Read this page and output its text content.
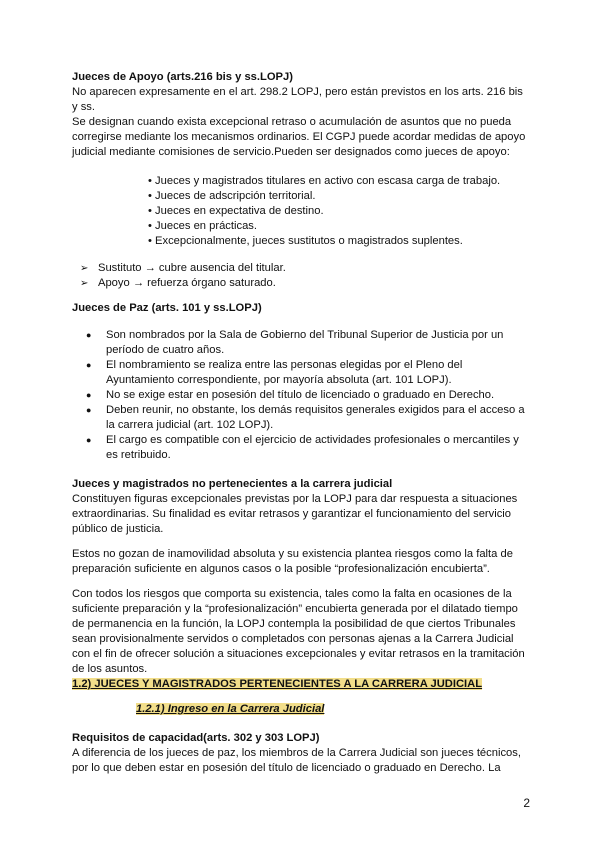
Jueces de Apoyo (arts.216 bis y ss.LOPJ)

No aparecen expresamente en el art. 298.2 LOPJ, pero están previstos en los arts. 216 bis y ss.

Se designan cuando exista excepcional retraso o acumulación de asuntos que no pueda corregirse mediante los mecanismos ordinarios. El CGPJ puede acordar medidas de apoyo judicial mediante comisiones de servicio.Pueden ser designados como jueces de apoyo:

• Jueces y magistrados titulares en activo con escasa carga de trabajo.
• Jueces de adscripción territorial.
• Jueces en expectativa de destino.
• Jueces en prácticas.
• Excepcionalmente, jueces sustitutos o magistrados suplentes.
➢ Sustituto → cubre ausencia del titular.
➢ Apoyo → refuerza órgano saturado.

Jueces de Paz (arts. 101 y ss.LOPJ)

● Son nombrados por la Sala de Gobierno del Tribunal Superior de Justicia por un período de cuatro años.
● El nombramiento se realiza entre las personas elegidas por el Pleno del Ayuntamiento correspondiente, por mayoría absoluta (art. 101 LOPJ).
● No se exige estar en posesión del título de licenciado o graduado en Derecho.
● Deben reunir, no obstante, los demás requisitos generales exigidos para el acceso a la carrera judicial (art. 102 LOPJ).
● El cargo es compatible con el ejercicio de actividades profesionales o mercantiles y es retribuido.

Jueces y magistrados no pertenecientes a la carrera judicial

Constituyen figuras excepcionales previstas por la LOPJ para dar respuesta a situaciones extraordinarias. Su finalidad es evitar retrasos y garantizar el funcionamiento del servicio público de justicia.

Estos no gozan de inamovilidad absoluta y su existencia plantea riesgos como la falta de preparación suficiente en algunos casos o la posible “profesionalización encubierta”.

Con todos los riesgos que comporta su existencia, tales como la falta en ocasiones de la suficiente preparación y la “profesionalización” encubierta generada por el dilatado tiempo de permanencia en la función, la LOPJ contempla la posibilidad de que ciertos Tribunales sean provisionalmente servidos o completados con personas ajenas a la Carrera Judicial con el fin de ofrecer solución a situaciones excepcionales y evitar retrasos en la tramitación de los asuntos.

1.2) JUECES Y MAGISTRADOS PERTENECIENTES A LA CARRERA JUDICIAL

1.2.1) Ingreso en la Carrera Judicial

Requisitos de capacidad(arts. 302 y 303 LOPJ)

A diferencia de los jueces de paz, los miembros de la Carrera Judicial son jueces técnicos, por lo que deben estar en posesión del título de licenciado o graduado en Derecho. La

2
